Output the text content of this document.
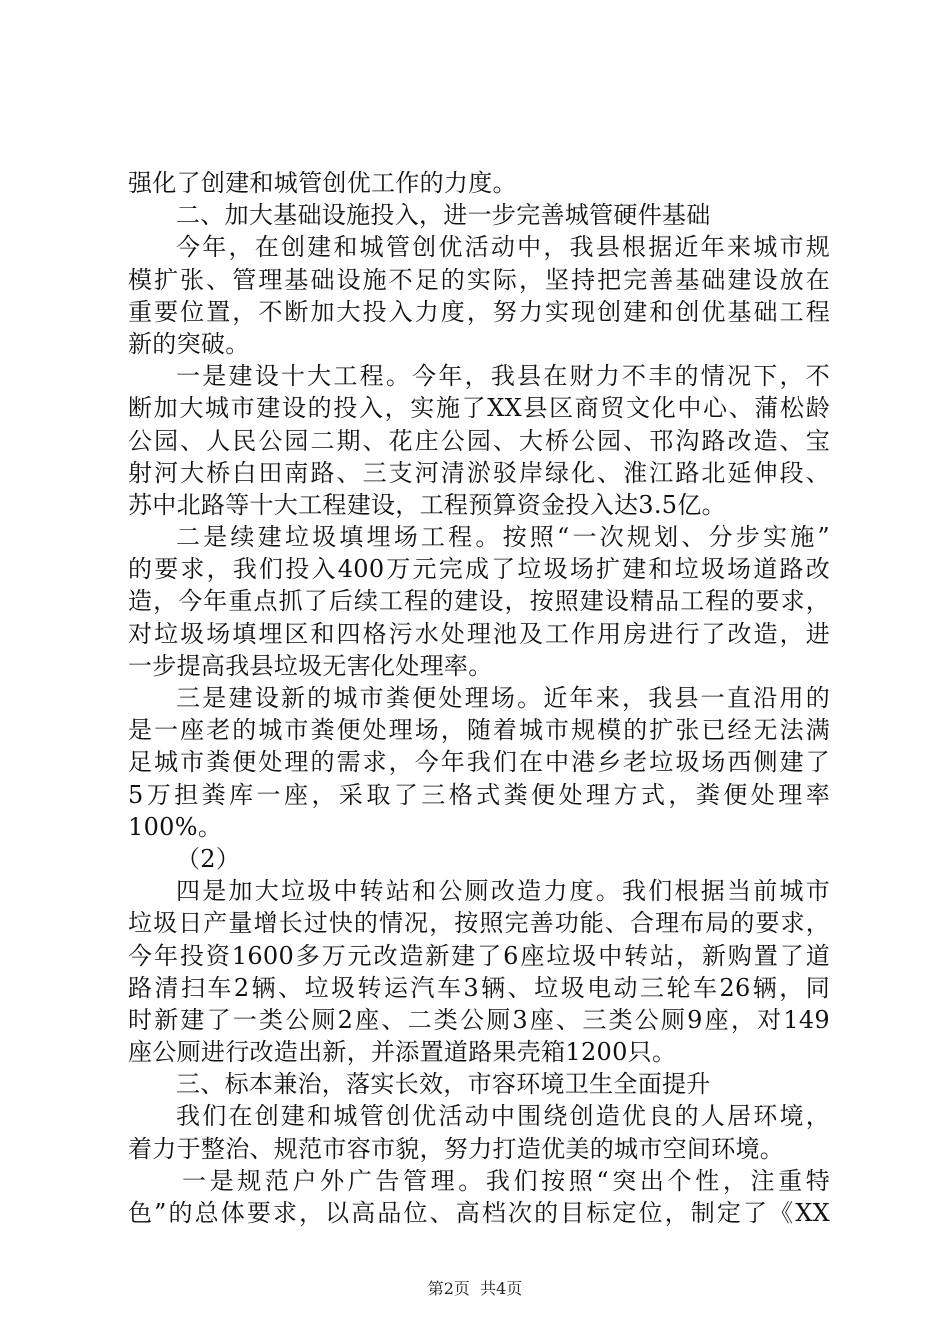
强化了创建和城管创优工作的力度。
二、加大基础设施投入，进一步完善城管硬件基础
今年，在创建和城管创优活动中，我县根据近年来城市规
模扩张、管理基础设施不足的实际，坚持把完善基础建设放在
重要位置，不断加大投入力度，努力实现创建和创优基础工程
新的突破。
一是建设十大工程。今年，我县在财力不丰的情况下，不
断加大城市建设的投入，实施了XX县区商贸文化中心、蒲松龄
公园、人民公园二期、花庄公园、大桥公园、邗沟路改造、宝
射河大桥白田南路、三支河清淤驳岸绿化、淮江路北延伸段、
苏中北路等十大工程建设，工程预算资金投入达3.5亿。
二是续建垃圾填埋场工程。按照“一次规划、分步实施”
的要求，我们投入400万元完成了垃圾场扩建和垃圾场道路改
造，今年重点抓了后续工程的建设，按照建设精品工程的要求，
对垃圾场填埋区和四格污水处理池及工作用房进行了改造，进
一步提高我县垃圾无害化处理率。
三是建设新的城市粪便处理场。近年来，我县一直沿用的
是一座老的城市粪便处理场，随着城市规模的扩张已经无法满
足城市粪便处理的需求，今年我们在中港乡老垃圾场西侧建了
5万担粪库一座，采取了三格式粪便处理方式，粪便处理率
100%。
（2）
四是加大垃圾中转站和公厕改造力度。我们根据当前城市
垃圾日产量增长过快的情况，按照完善功能、合理布局的要求，
今年投资1600多万元改造新建了6座垃圾中转站，新购置了道
路清扫车2辆、垃圾转运汽车3辆、垃圾电动三轮车26辆，同
时新建了一类公厕2座、二类公厕3座、三类公厕9座，对149
座公厕进行改造出新，并添置道路果壳箱1200只。
三、标本兼治，落实长效，市容环境卫生全面提升
我们在创建和城管创优活动中围绕创造优良的人居环境，
着力于整治、规范市容市貌，努力打造优美的城市空间环境。
一是规范户外广告管理。我们按照“突出个性，注重特
色”的总体要求，以高品位、高档次的目标定位，制定了《XX
第2页  共4页
